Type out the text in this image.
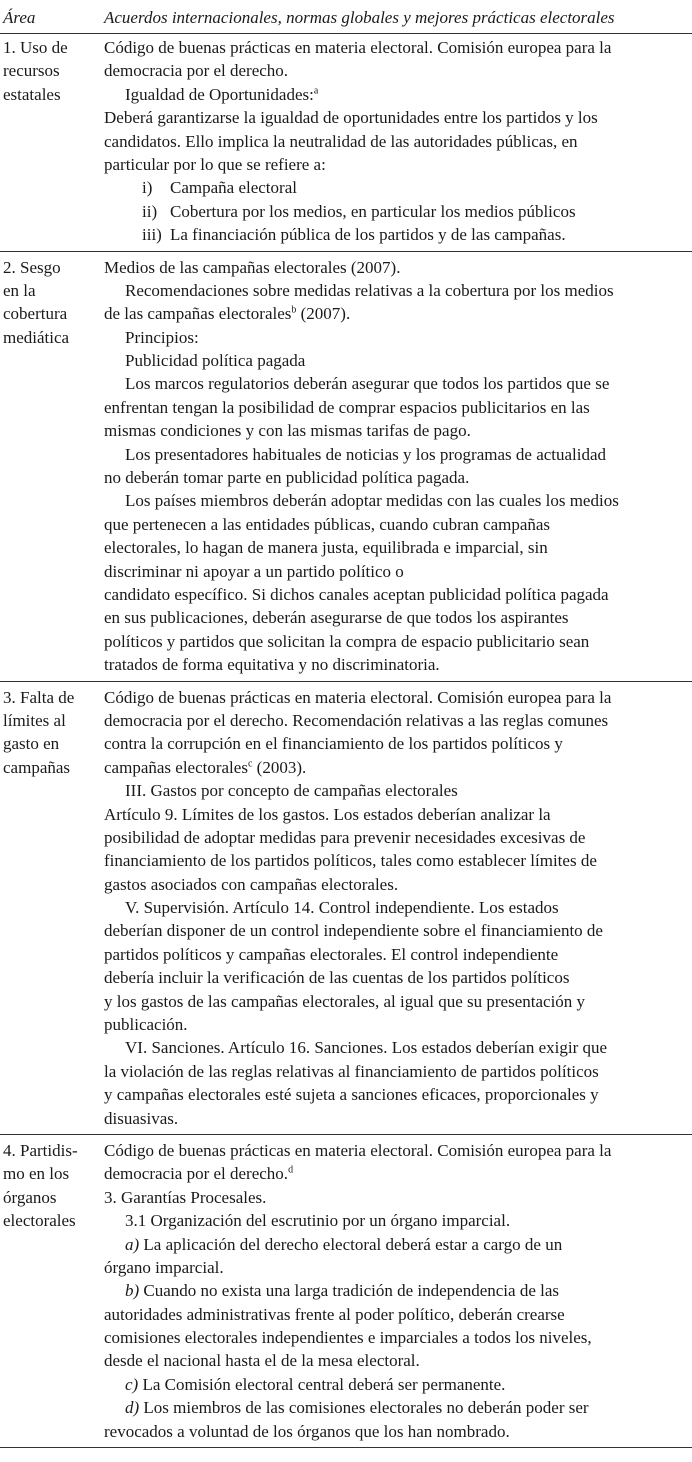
Área	Acuerdos internacionales, normas globales y mejores prácticas electorales
1. Uso de
recursos
estatales
Código de buenas prácticas en materia electoral. Comisión europea para la
democracia por el derecho.
Igualdad de Oportunidades:$^a$
Deberá garantizarse la igualdad de oportunidades entre los partidos y los
candidatos. Ello implica la neutralidad de las autoridades públicas, en
particular por lo que se refiere a:
i) Campaña electoral
ii) Cobertura por los medios, en particular los medios públicos
iii) La financiación pública de los partidos y de las campañas.
2. Sesgo
en la
cobertura
mediática
Medios de las campañas electorales (2007).
Recomendaciones sobre medidas relativas a la cobertura por los medios
de las campañas electorales$^b$ (2007).
Principios:
Publicidad política pagada
Los marcos regulatorios deberán asegurar que todos los partidos que se
enfrentan tengan la posibilidad de comprar espacios publicitarios en las
mismas condiciones y con las mismas tarifas de pago.
Los presentadores habituales de noticias y los programas de actualidad
no deberán tomar parte en publicidad política pagada.
Los países miembros deberán adoptar medidas con las cuales los medios
que pertenecen a las entidades públicas, cuando cubran campañas
electorales, lo hagan de manera justa, equilibrada e imparcial, sin
discriminar ni apoyar a un partido político o
candidato específico. Si dichos canales aceptan publicidad política pagada
en sus publicaciones, deberán asegurarse de que todos los aspirantes
políticos y partidos que solicitan la compra de espacio publicitario sean
tratados de forma equitativa y no discriminatoria.
3. Falta de
límites al
gasto en
campañas
Código de buenas prácticas en materia electoral. Comisión europea para la
democracia por el derecho. Recomendación relativas a las reglas comunes
contra la corrupción en el financiamiento de los partidos políticos y
campañas electorales$^c$ (2003).
III. Gastos por concepto de campañas electorales
Artículo 9. Límites de los gastos. Los estados deberían analizar la
posibilidad de adoptar medidas para prevenir necesidades excesivas de
financiamiento de los partidos políticos, tales como establecer límites de
gastos asociados con campañas electorales.
V. Supervisión. Artículo 14. Control independiente. Los estados
deberían disponer de un control independiente sobre el financiamiento de
partidos políticos y campañas electorales. El control independiente
debería incluir la verificación de las cuentas de los partidos políticos
y los gastos de las campañas electorales, al igual que su presentación y
publicación.
VI. Sanciones. Artículo 16. Sanciones. Los estados deberían exigir que
la violación de las reglas relativas al financiamiento de partidos políticos
y campañas electorales esté sujeta a sanciones eficaces, proporcionales y
disuasivas.
4. Partidis-
mo en los
órganos
electorales
Código de buenas prácticas en materia electoral. Comisión europea para la
democracia por el derecho.$^d$
3. Garantías Procesales.
3.1 Organización del escrutinio por un órgano imparcial.
a) La aplicación del derecho electoral deberá estar a cargo de un
órgano imparcial.
b) Cuando no exista una larga tradición de independencia de las
autoridades administrativas frente al poder político, deberán crearse
comisiones electorales independientes e imparciales a todos los niveles,
desde el nacional hasta el de la mesa electoral.
c) La Comisión electoral central deberá ser permanente.
d) Los miembros de las comisiones electorales no deberán poder ser
revocados a voluntad de los órganos que los han nombrado.
